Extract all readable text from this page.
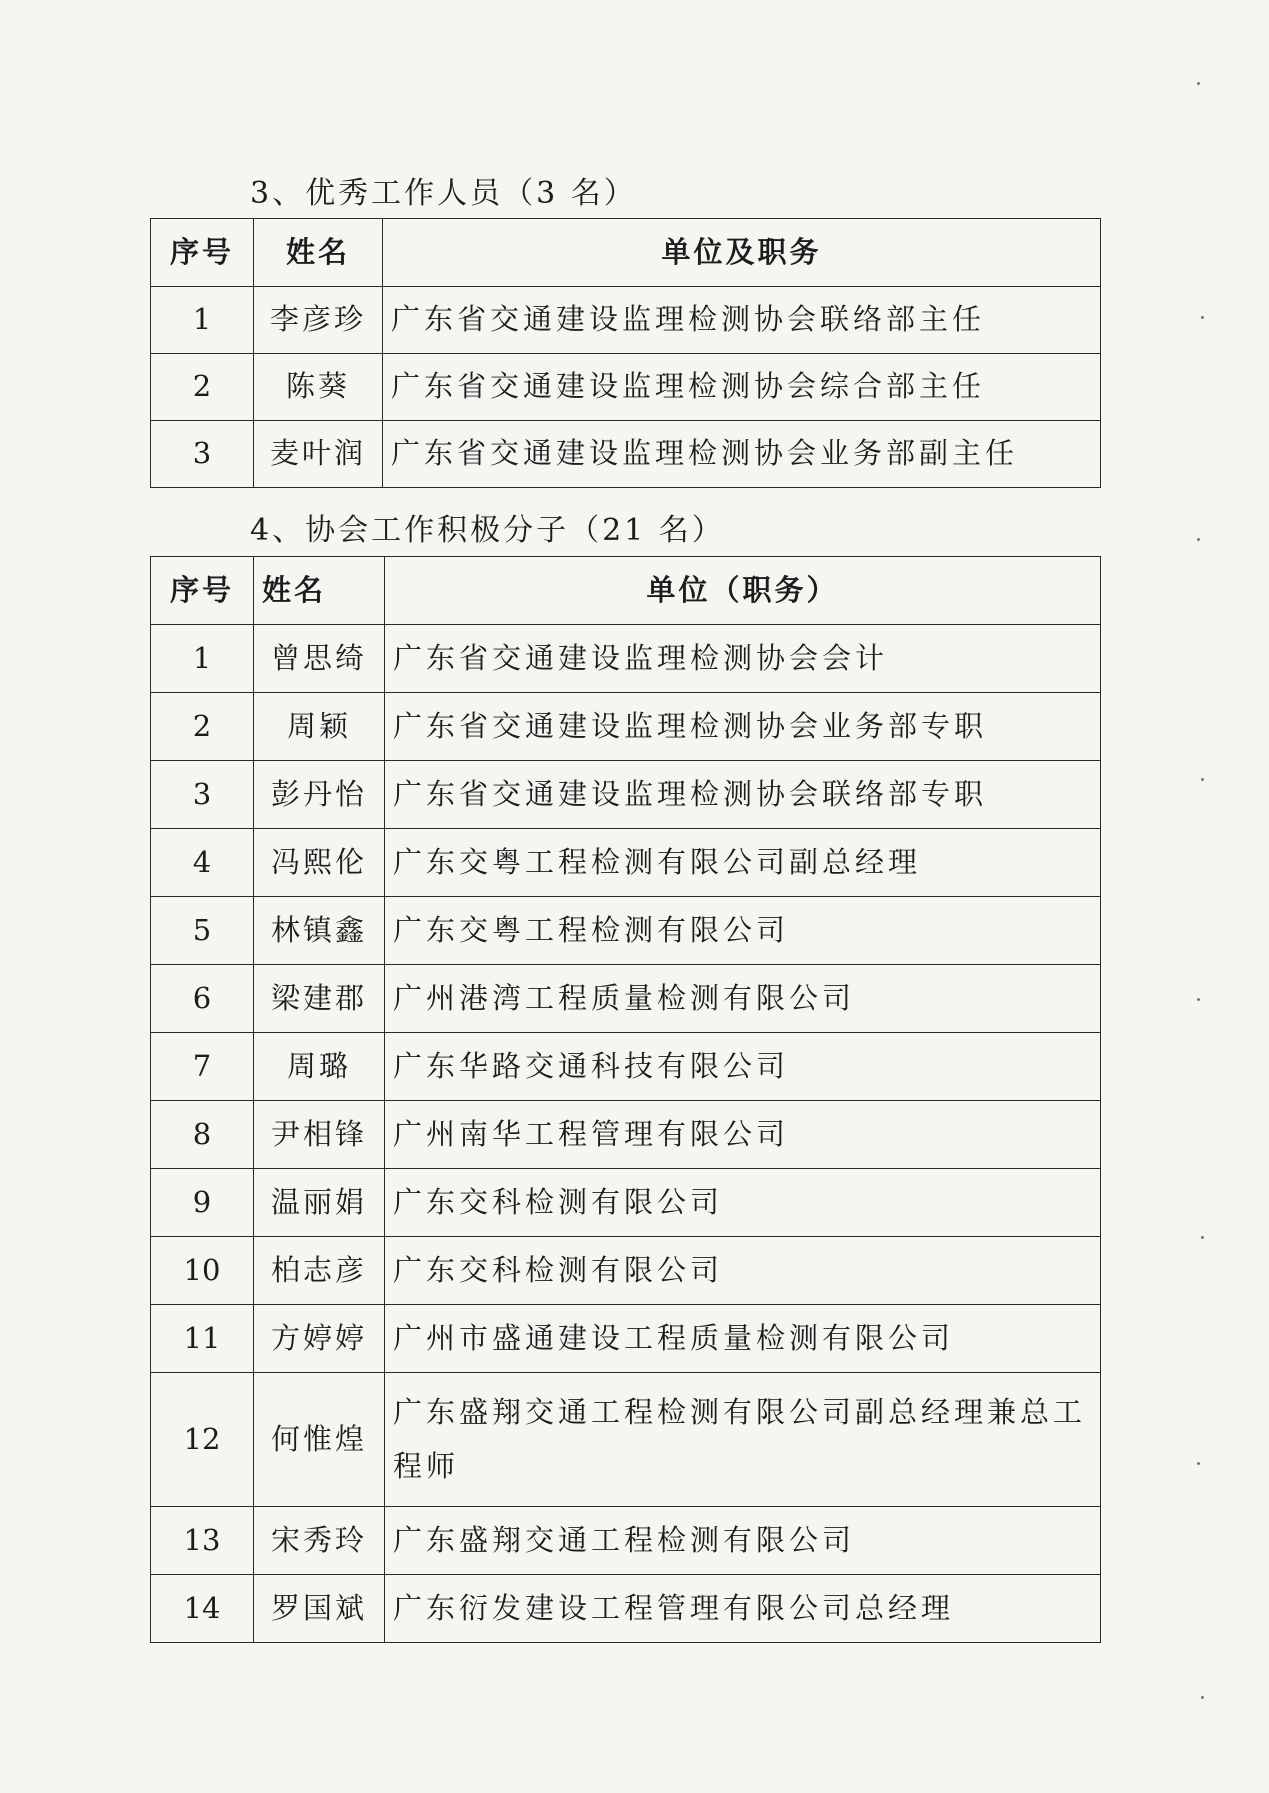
3、优秀工作人员（3 名）
序号	姓名	单位及职务
1	李彦珍	广东省交通建设监理检测协会联络部主任
2	陈葵	广东省交通建设监理检测协会综合部主任
3	麦叶润	广东省交通建设监理检测协会业务部副主任
4、协会工作积极分子（21 名）
序号	姓名	单位（职务）
1	曾思绮	广东省交通建设监理检测协会会计
2	周颖	广东省交通建设监理检测协会业务部专职
3	彭丹怡	广东省交通建设监理检测协会联络部专职
4	冯熙伦	广东交粤工程检测有限公司副总经理
5	林镇鑫	广东交粤工程检测有限公司
6	梁建郡	广州港湾工程质量检测有限公司
7	周璐	广东华路交通科技有限公司
8	尹相锋	广州南华工程管理有限公司
9	温丽娟	广东交科检测有限公司
10	柏志彦	广东交科检测有限公司
11	方婷婷	广州市盛通建设工程质量检测有限公司
12	何惟煌	广东盛翔交通工程检测有限公司副总经理兼总工程师
13	宋秀玲	广东盛翔交通工程检测有限公司
14	罗国斌	广东衍发建设工程管理有限公司总经理
